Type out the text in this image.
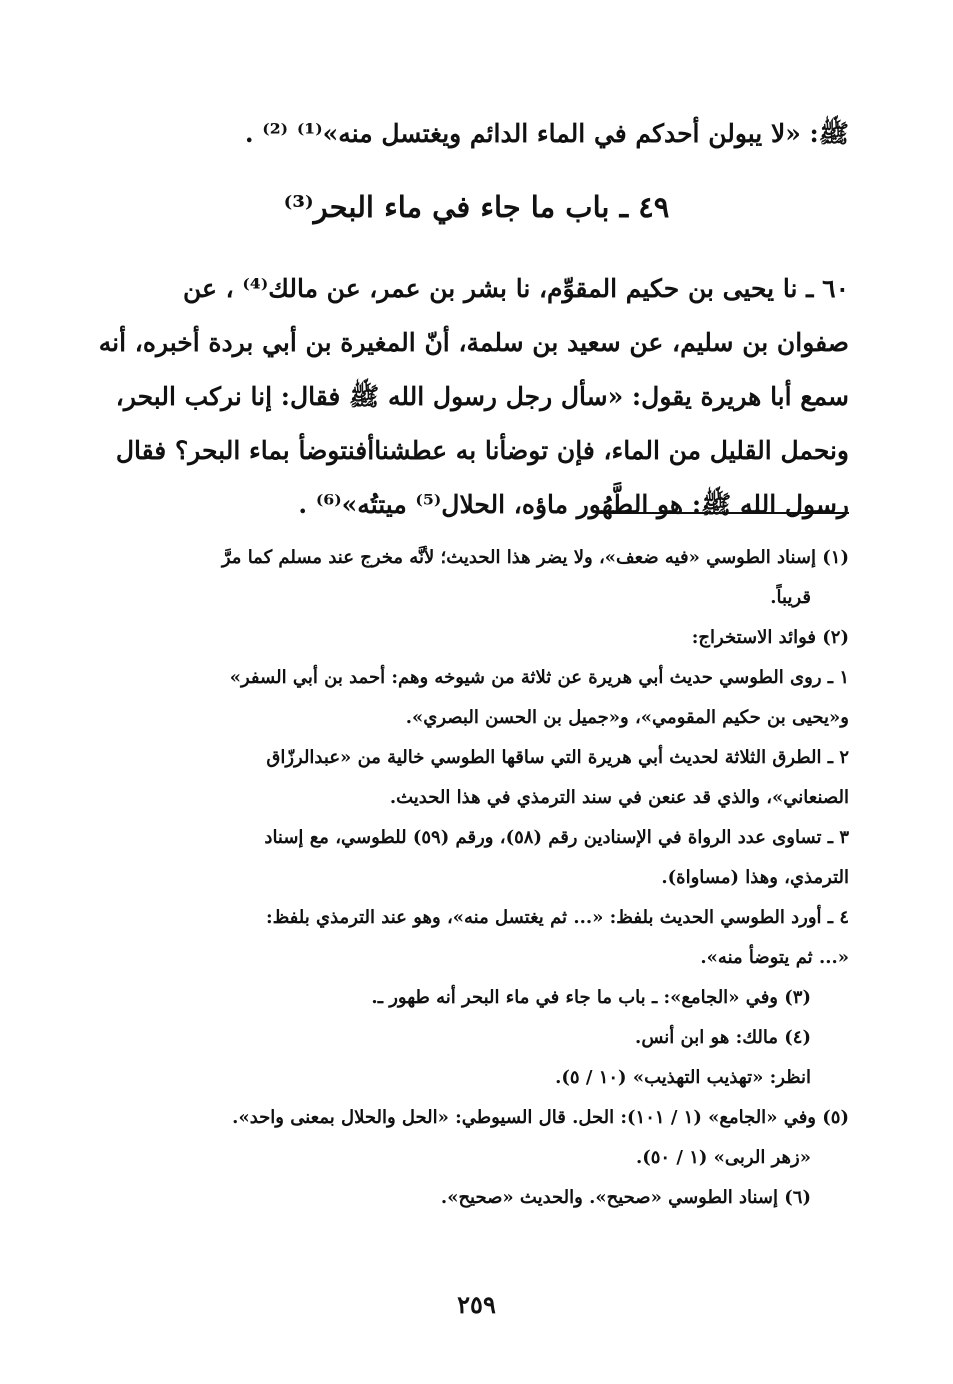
ﷺ: «لا يبولن أحدكم في الماء الدائم ويغتسل منه»⁽¹⁾ ⁽²⁾ .
٤٩ ـ باب ما جاء في ماء البحر⁽³⁾
٦٠ ـ نا يحيى بن حكيم المقوِّم، نا بشر بن عمر، عن مالك⁽⁴⁾ ، عن
صفوان بن سليم، عن سعيد بن سلمة، أنّ المغيرة بن أبي بردة أخبره، أنه
سمع أبا هريرة يقول: «سأل رجل رسول الله ﷺ فقال: إنا نركب البحر،
ونحمل القليل من الماء، فإن توضأنا به عطشناأفنتوضأ بماء البحر؟ فقال
رسول الله ﷺ: هو الطَّهُور ماؤه، الحلال⁽⁵⁾ ميتتُه»⁽⁶⁾ .
(١) إسناد الطوسي «فيه ضعف»، ولا يضر هذا الحديث؛ لأنَّه مخرج عند مسلم كما مرَّ
قريباً.
(٢) فوائد الاستخراج:
١ ـ روى الطوسي حديث أبي هريرة عن ثلاثة من شيوخه وهم: أحمد بن أبي السفر»
و«يحيى بن حكيم المقومي»، و«جميل بن الحسن البصري».
٢ ـ الطرق الثلاثة لحديث أبي هريرة التي ساقها الطوسي خالية من «عبدالرزّاق
الصنعاني»، والذي قد عنعن في سند الترمذي في هذا الحديث.
٣ ـ تساوى عدد الرواة في الإسنادين رقم (٥٨)، ورقم (٥٩) للطوسي، مع إسناد
الترمذي، وهذا (مساواة).
٤ ـ أورد الطوسي الحديث بلفظ: «... ثم يغتسل منه»، وهو عند الترمذي بلفظ:
«... ثم يتوضأ منه».
(٣) وفي «الجامع»: ـ باب ما جاء في ماء البحر أنه طهور ـ.
(٤) مالك: هو ابن أنس.
انظر: «تهذيب التهذيب» (١٠ / ٥).
(٥) وفي «الجامع» (١ / ١٠١): الحل. قال السيوطي: «الحل والحلال بمعنى واحد».
«زهر الربى» (١ / ٥٠).
(٦) إسناد الطوسي «صحيح». والحديث «صحيح».
٢٥٩
